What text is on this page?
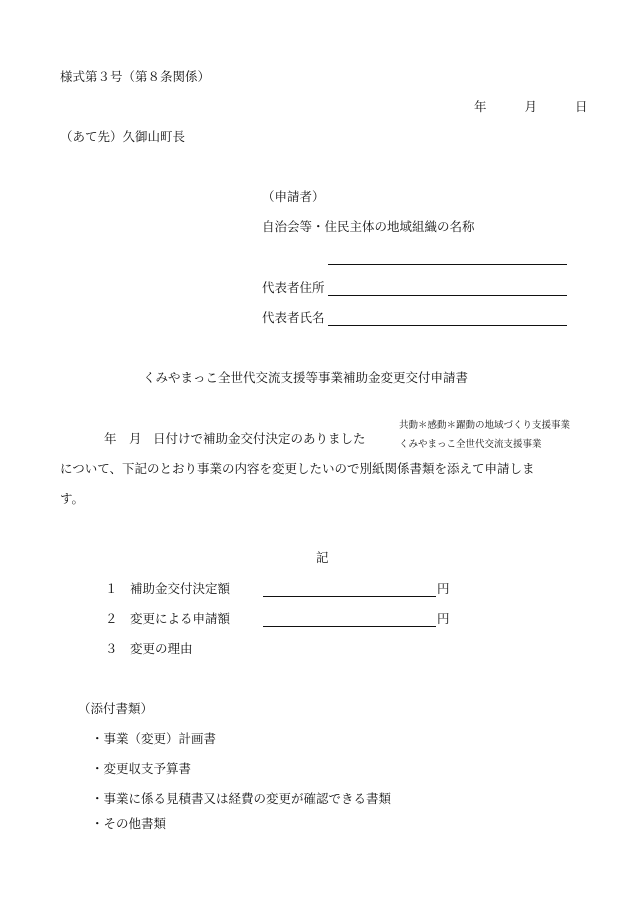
様式第３号（第８条関係）
年	月	日
（あて先）久御山町長
（申請者）
自治会等・住民主体の地域組織の名称
代表者住所
代表者氏名
くみやまっこ全世代交流支援等事業補助金変更交付申請書
年 月 日付けで補助金交付決定のありました
共動＊感動＊躍動の地域づくり支援事業
くみやまっこ全世代交流支援事業
について、下記のとおり事業の内容を変更したいので別紙関係書類を添えて申請しま
す。
記
１ 補助金交付決定額	円
２ 変更による申請額	円
３ 変更の理由
（添付書類）
・事業（変更）計画書
・変更収支予算書
・事業に係る見積書又は経費の変更が確認できる書類
・その他書類
